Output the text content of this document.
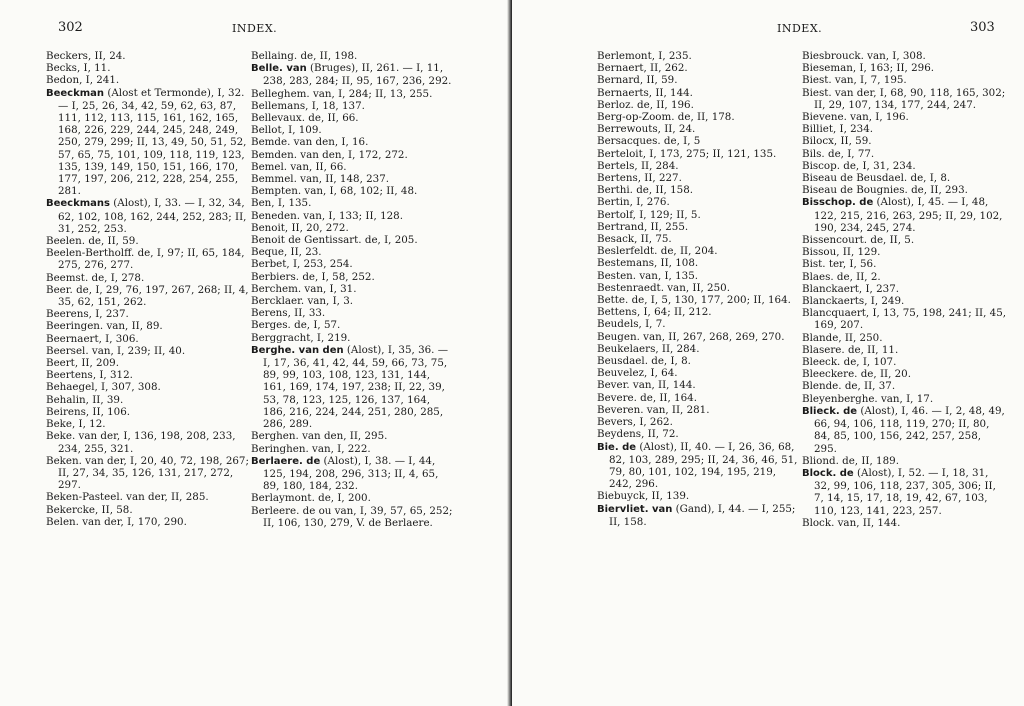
302	INDEX.

Beckers, II, 24.

Becks, I, 11.

Bedon, I, 241.

Beeckman (Alost et Termonde), I, 32. — I, 25, 26, 34, 42, 59, 62, 63, 87, 111, 112, 113, 115, 161, 162, 165, 168, 226, 229, 244, 245, 248, 249, 250, 279, 299; II, 13, 49, 50, 51, 52, 57, 65, 75, 101, 109, 118, 119, 123, 135, 139, 149, 150, 151, 166, 170, 177, 197, 206, 212, 228, 254, 255, 281.

Beeckmans (Alost), I, 33. — I, 32, 34, 62, 102, 108, 162, 244, 252, 283; II, 31, 252, 253.

Beelen. de, II, 59.

Beelen-Bertholff. de, I, 97; II, 65, 184, 275, 276, 277.

Beemst. de, I, 278.

Beer. de, I, 29, 76, 197, 267, 268; II, 4, 35, 62, 151, 262.

Beerens, I, 237.

Beeringen. van, II, 89.

Beernaert, I, 306.

Beersel. van, I, 239; II, 40.

Beert, II, 209.

Beertens, I, 312.

Behaegel, I, 307, 308.

Behalin, II, 39.

Beirens, II, 106.

Beke, I, 12.

Beke. van der, I, 136, 198, 208, 233, 234, 255, 321.

Beken. van der, I, 20, 40, 72, 198, 267; II, 27, 34, 35, 126, 131, 217, 272, 297.

Beken-Pasteel. van der, II, 285.

Bekercke, II, 58.

Belen. van der, I, 170, 290.

Bellaing. de, II, 198.

Belle. van (Bruges), II, 261. — I, 11, 238, 283, 284; II, 95, 167, 236, 292.

Belleghem. van, I, 284; II, 13, 255.

Bellemans, I, 18, 137.

Bellevaux. de, II, 66.

Bellot, I, 109.

Bemde. van den, I, 16.

Bemden. van den, I, 172, 272.

Bemel. van, II, 66.

Bemmel. van, II, 148, 237.

Bempten. van, I, 68, 102; II, 48.

Ben, I, 135.

Beneden. van, I, 133; II, 128.

Benoit, II, 20, 272.

Benoit de Gentissart. de, I, 205.

Beque, II, 23.

Berbet, I, 253, 254.

Berbiers. de, I, 58, 252.

Berchem. van, I, 31.

Bercklaer. van, I, 3.

Berens, II, 33.

Berges. de, I, 57.

Berggracht, I, 219.

Berghe. van den (Alost), I, 35, 36. — I, 17, 36, 41, 42, 44, 59, 66, 73, 75, 89, 99, 103, 108, 123, 131, 144, 161, 169, 174, 197, 238; II, 22, 39, 53, 78, 123, 125, 126, 137, 164, 186, 216, 224, 244, 251, 280, 285, 286, 289.

Berghen. van den, II, 295.

Beringhen. van, I, 222.

Berlaere. de (Alost), I, 38. — I, 44, 125, 194, 208, 296, 313; II, 4, 65, 89, 180, 184, 232.

Berlaymont. de, I, 200.

Berleere. de ou van, I, 39, 57, 65, 252; II, 106, 130, 279, V. de Berlaere.

INDEX.	303

Berlemont, I, 235.

Bernaert, II, 262.

Bernard, II, 59.

Bernaerts, II, 144.

Berloz. de, II, 196.

Berg-op-Zoom. de, II, 178.

Berrewouts, II, 24.

Bersacques. de, I, 5

Berteloit, I, 173, 275; II, 121, 135.

Bertels, II, 284.

Bertens, II, 227.

Berthi. de, II, 158.

Bertin, I, 276.

Bertolf, I, 129; II, 5.

Bertrand, II, 255.

Besack, II, 75.

Beslerfeldt. de, II, 204.

Bestemans, II, 108.

Besten. van, I, 135.

Bestenraedt. van, II, 250.

Bette. de, I, 5, 130, 177, 200; II, 164.

Bettens, I, 64; II, 212.

Beudels, I, 7.

Beugen. van, II, 267, 268, 269, 270.

Beukelaers, II, 284.

Beusdael. de, I, 8.

Beuvelez, I, 64.

Bever. van, II, 144.

Bevere. de, II, 164.

Beveren. van, II, 281.

Bevers, I, 262.

Beydens, II, 72.

Bie. de (Alost), II, 40. — I, 26, 36, 68, 82, 103, 289, 295; II, 24, 36, 46, 51, 79, 80, 101, 102, 194, 195, 219, 242, 296.

Biebuyck, II, 139.

Biervliet. van (Gand), I, 44. — I, 255; II, 158.

Biesbrouck. van, I, 308.

Bieseman, I, 163; II, 296.

Biest. van, I, 7, 195.

Biest. van der, I, 68, 90, 118, 165, 302; II, 29, 107, 134, 177, 244, 247.

Bievene. van, I, 196.

Billiet, I, 234.

Bilocx, II, 59.

Bils. de, I, 77.

Biscop. de, I, 31, 234.

Biseau de Beusdael. de, I, 8.

Biseau de Bougnies. de, II, 293.

Bisschop. de (Alost), I, 45. — I, 48, 122, 215, 216, 263, 295; II, 29, 102, 190, 234, 245, 274.

Bissencourt. de, II, 5.

Bissou, II, 129.

Bist. ter, I, 56.

Blaes. de, II, 2.

Blanckaert, I, 237.

Blanckaerts, I, 249.

Blancquaert, I, 13, 75, 198, 241; II, 45, 169, 207.

Blande, II, 250.

Blasere. de, II, 11.

Bleeck. de, I, 107.

Bleeckere. de, II, 20.

Blende. de, II, 37.

Bleyenberghe. van, I, 17.

Blieck. de (Alost), I, 46. — I, 2, 48, 49, 66, 94, 106, 118, 119, 270; II, 80, 84, 85, 100, 156, 242, 257, 258, 295.

Bliond. de, II, 189.

Block. de (Alost), I, 52. — I, 18, 31, 32, 99, 106, 118, 237, 305, 306; II, 7, 14, 15, 17, 18, 19, 42, 67, 103, 110, 123, 141, 223, 257.

Block. van, II, 144.
